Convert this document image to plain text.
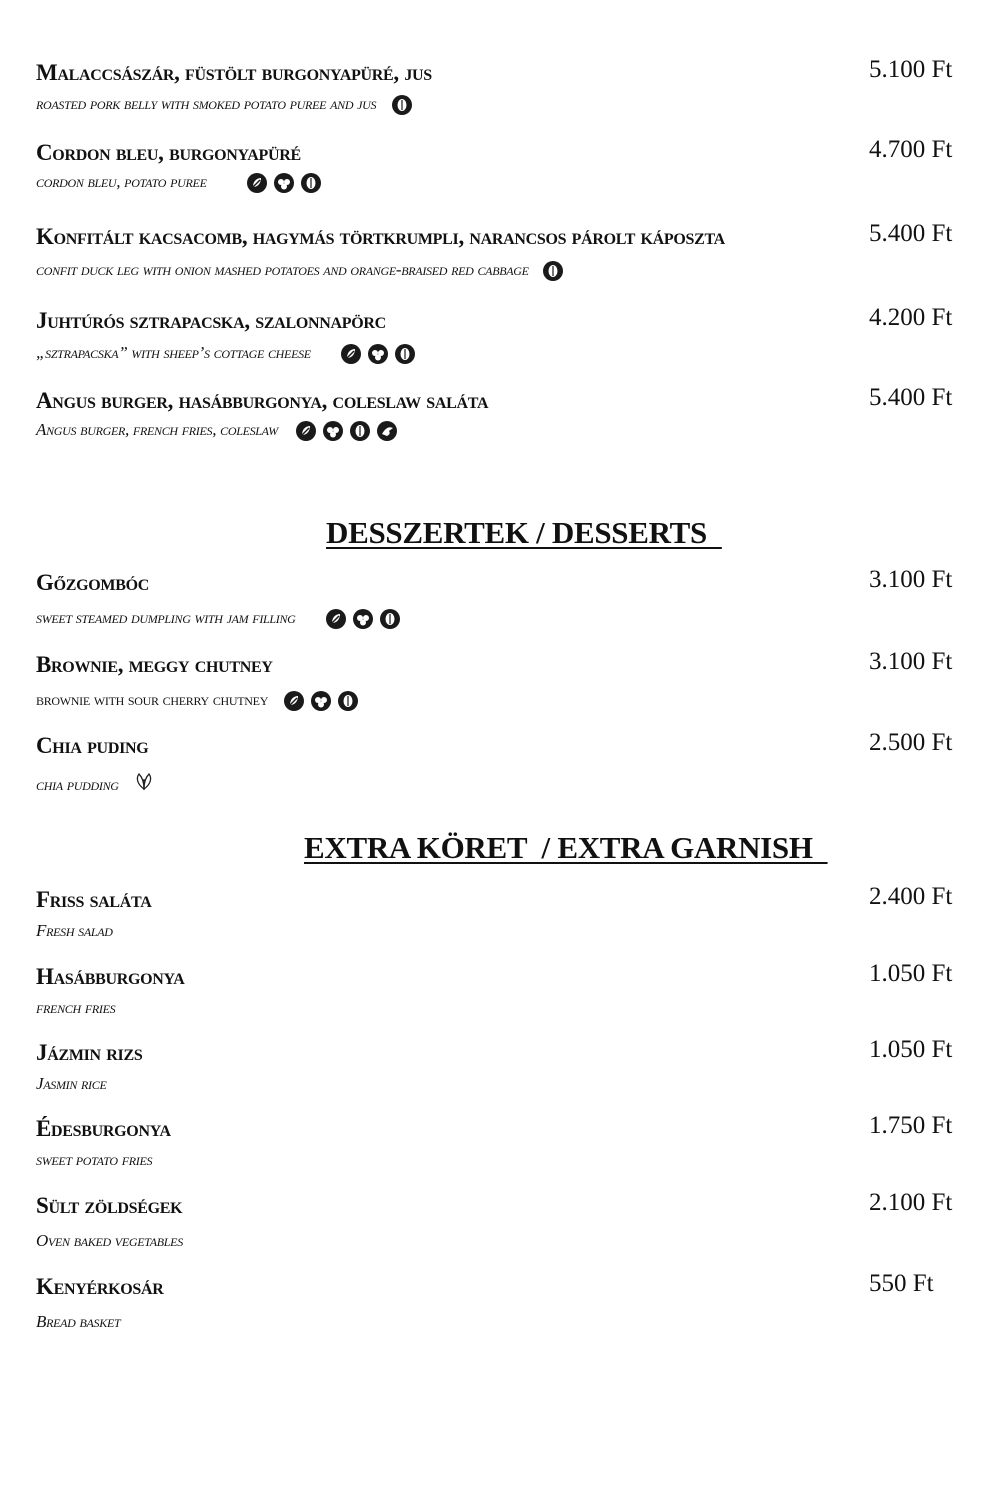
Malaccsászár, füstölt burgonyapüré, jus	5.100 Ft
roasted pork belly with smoked potato puree and jus
Cordon bleu, burgonyapüré	4.700 Ft
cordon bleu, potato puree
Konfitált kacsacomb, hagymás törtkrumpli, narancsos párolt káposzta	5.400 Ft
confit duck leg with onion mashed potatoes and orange-braised red cabbage
Juhtúrós sztrapacska, szalonnapörc	4.200 Ft
„sztrapacska” with sheep’s cottage cheese
Angus burger, hasábburgonya, coleslaw saláta	5.400 Ft
Angus burger, french fries, coleslaw
DESSZERTEK / DESSERTS
Gőzgombóc	3.100 Ft
sweet steamed dumpling with jam filling
Brownie, meggy chutney	3.100 Ft
brownie with sour cherry chutney
Chia puding	2.500 Ft
chia pudding
EXTRA KÖRET  / EXTRA GARNISH
Friss saláta	2.400 Ft
Fresh salad
Hasábburgonya	1.050 Ft
french fries
Jázmin rizs	1.050 Ft
Jasmin rice
Édesburgonya	1.750 Ft
sweet potato fries
Sült zöldségek	2.100 Ft
Oven baked vegetables
Kenyérkosár	550 Ft
Bread basket
